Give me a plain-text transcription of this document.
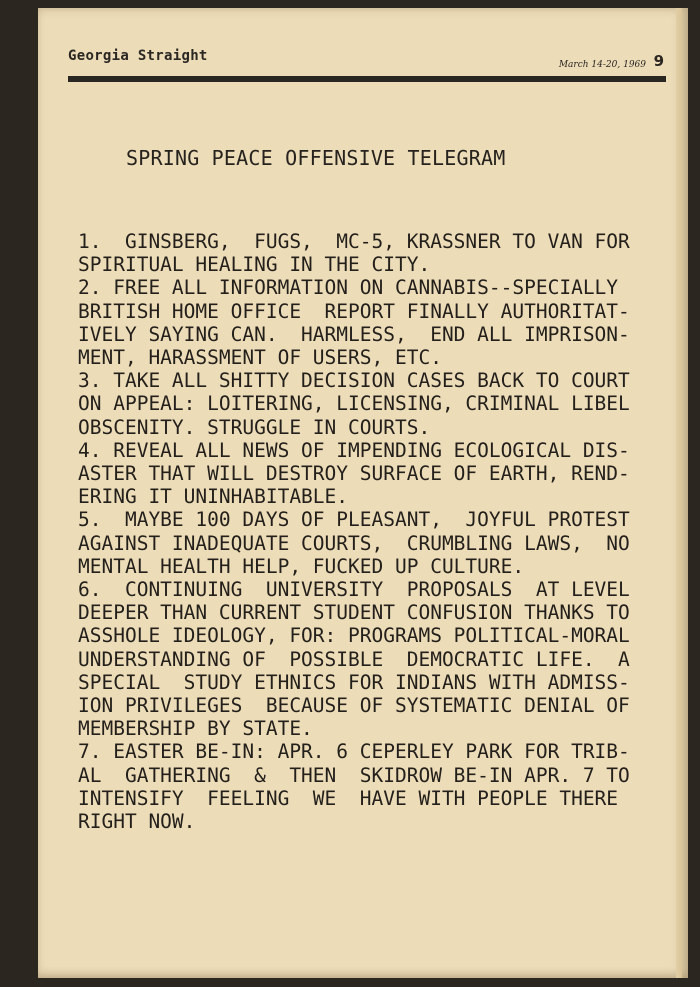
Georgia Straight
March 14-20, 1969 9
SPRING PEACE OFFENSIVE TELEGRAM
1.  GINSBERG,  FUGS,  MC-5, KRASSNER TO VAN FOR
SPIRITUAL HEALING IN THE CITY.
2. FREE ALL INFORMATION ON CANNABIS--SPECIALLY
BRITISH HOME OFFICE  REPORT FINALLY AUTHORITAT-
IVELY SAYING CAN.  HARMLESS,  END ALL IMPRISON-
MENT, HARASSMENT OF USERS, ETC.
3. TAKE ALL SHITTY DECISION CASES BACK TO COURT
ON APPEAL: LOITERING, LICENSING, CRIMINAL LIBEL
OBSCENITY. STRUGGLE IN COURTS.
4. REVEAL ALL NEWS OF IMPENDING ECOLOGICAL DIS-
ASTER THAT WILL DESTROY SURFACE OF EARTH, REND-
ERING IT UNINHABITABLE.
5.  MAYBE 100 DAYS OF PLEASANT,  JOYFUL PROTEST
AGAINST INADEQUATE COURTS,  CRUMBLING LAWS,  NO
MENTAL HEALTH HELP, FUCKED UP CULTURE.
6.  CONTINUING  UNIVERSITY  PROPOSALS  AT LEVEL
DEEPER THAN CURRENT STUDENT CONFUSION THANKS TO
ASSHOLE IDEOLOGY, FOR: PROGRAMS POLITICAL-MORAL
UNDERSTANDING OF  POSSIBLE  DEMOCRATIC LIFE.  A
SPECIAL  STUDY ETHNICS FOR INDIANS WITH ADMISS-
ION PRIVILEGES  BECAUSE OF SYSTEMATIC DENIAL OF
MEMBERSHIP BY STATE.
7. EASTER BE-IN: APR. 6 CEPERLEY PARK FOR TRIB-
AL  GATHERING  &  THEN  SKIDROW BE-IN APR. 7 TO
INTENSIFY  FEELING  WE  HAVE WITH PEOPLE THERE
RIGHT NOW.
